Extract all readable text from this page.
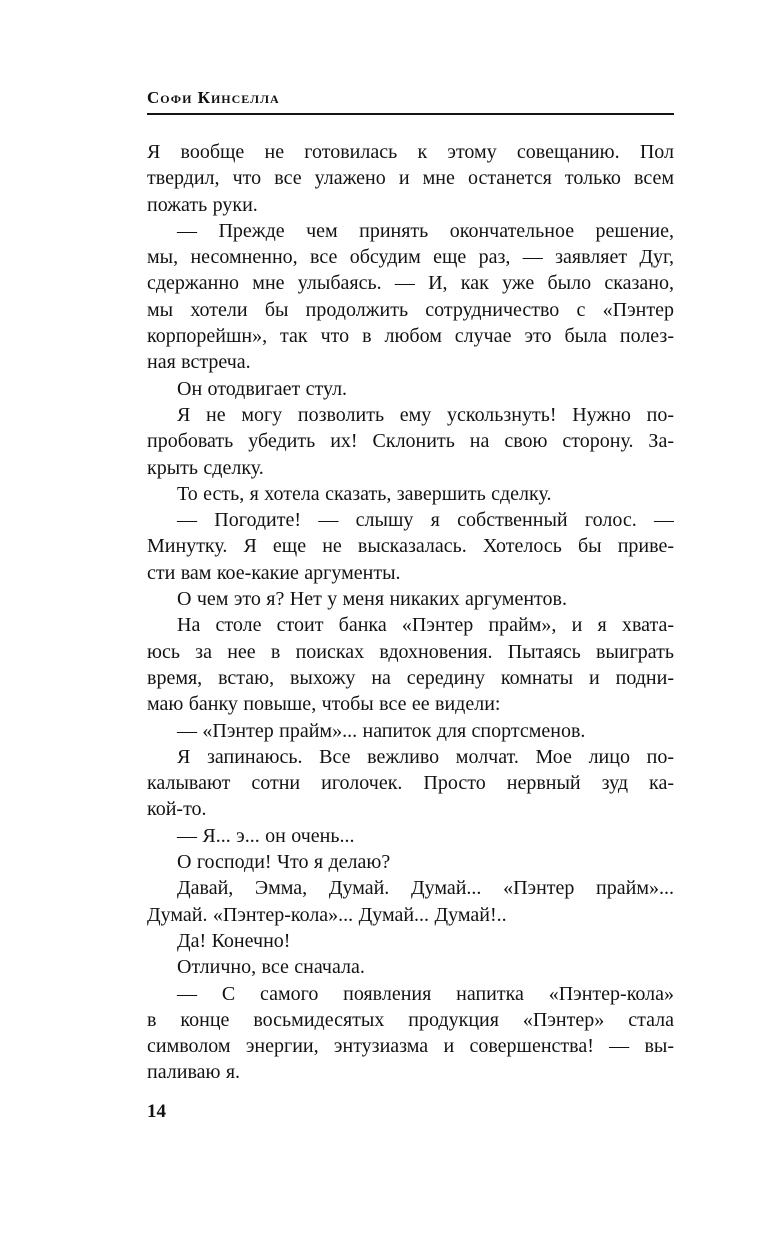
Софи Кинселла
Я вообще не готовилась к этому совещанию. Пол
твердил, что все улажено и мне останется только всем
пожать руки.
— Прежде чем принять окончательное решение,
мы, несомненно, все обсудим еще раз, — заявляет Дуг,
сдержанно мне улыбаясь. — И, как уже было сказано,
мы хотели бы продолжить сотрудничество с «Пэнтер
корпорейшн», так что в любом случае это была полез-
ная встреча.
Он отодвигает стул.
Я не могу позволить ему ускользнуть! Нужно по-
пробовать убедить их! Склонить на свою сторону. За-
крыть сделку.
То есть, я хотела сказать, завершить сделку.
— Погодите! — слышу я собственный голос. —
Минутку. Я еще не высказалась. Хотелось бы приве-
сти вам кое-какие аргументы.
О чем это я? Нет у меня никаких аргументов.
На столе стоит банка «Пэнтер прайм», и я хвата-
юсь за нее в поисках вдохновения. Пытаясь выиграть
время, встаю, выхожу на середину комнаты и подни-
маю банку повыше, чтобы все ее видели:
— «Пэнтер прайм»... напиток для спортсменов.
Я запинаюсь. Все вежливо молчат. Мое лицо по-
калывают сотни иголочек. Просто нервный зуд ка-
кой-то.
— Я... э... он очень...
О господи! Что я делаю?
Давай, Эмма, Думай. Думай... «Пэнтер прайм»...
Думай. «Пэнтер-кола»... Думай... Думай!..
Да! Конечно!
Отлично, все сначала.
— С самого появления напитка «Пэнтер-кола»
в конце восьмидесятых продукция «Пэнтер» стала
символом энергии, энтузиазма и совершенства! — вы-
паливаю я.
14
